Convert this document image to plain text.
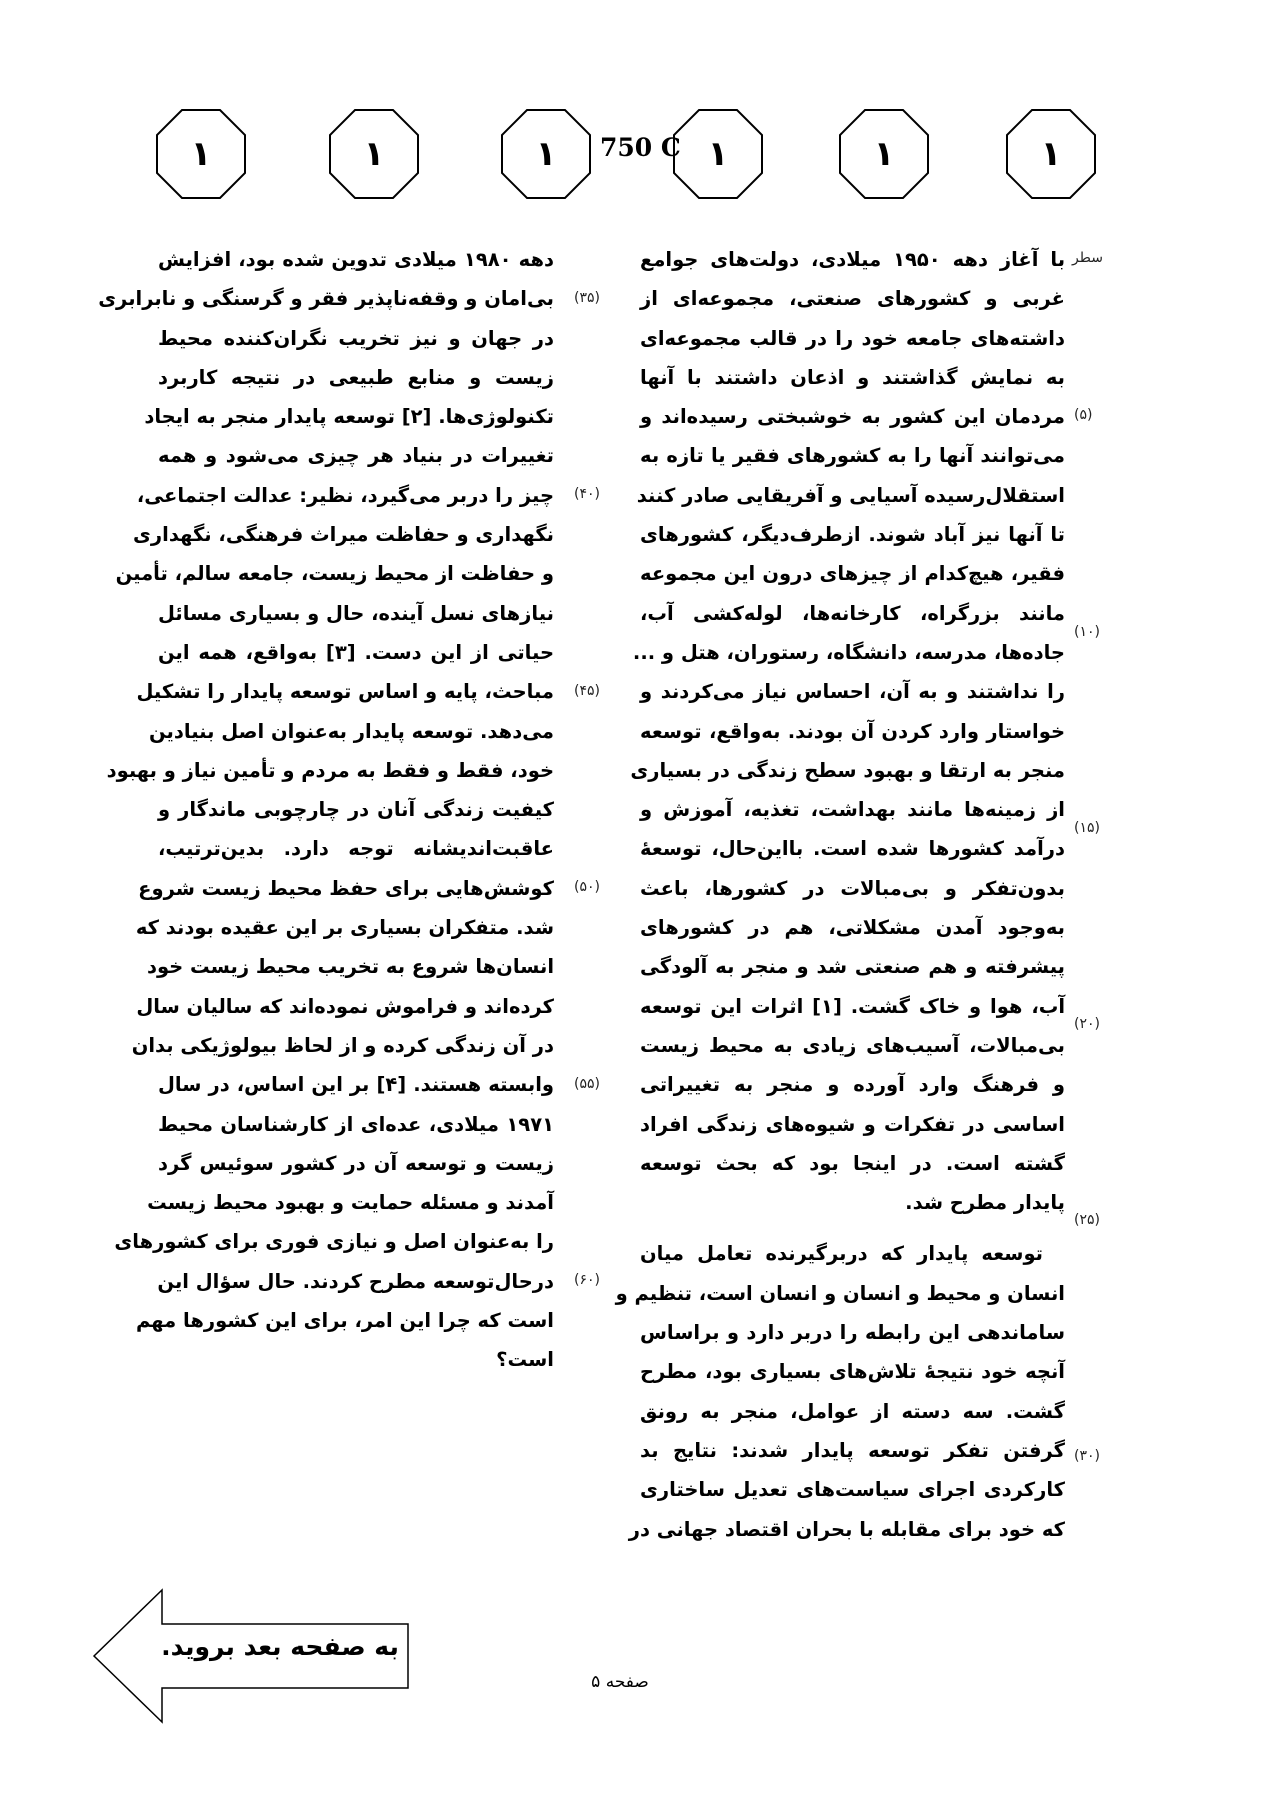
۱	۱	۱	750 C ۱	۱	۱
سطر
(۵)
(۱۰)
(۱۵)
(۲۰)
(۲۵)
(۳۰)
(۳۵)
(۴۰)
(۴۵)
(۵۰)
(۵۵)
(۶۰)
با آغاز دهه ۱۹۵۰ میلادی، دولت‌های جوامع
غربی و کشورهای صنعتی، مجموعه‌ای از
داشته‌های جامعه خود را در قالب مجموعه‌ای
به نمایش گذاشتند و اذعان داشتند با آنها
مردمان این کشور به خوشبختی رسیده‌اند و
می‌توانند آنها را به کشورهای فقیر یا تازه به
استقلال‌رسیده آسیایی و آفریقایی صادر کنند
تا آنها نیز آباد شوند. ازطرف‌دیگر، کشورهای
فقیر، هیچ‌کدام از چیزهای درون این مجموعه
مانند بزرگراه، کارخانه‌ها، لوله‌کشی آب،
جاده‌ها، مدرسه، دانشگاه، رستوران، هتل و ...
را نداشتند و به آن، احساس نیاز می‌کردند و
خواستار وارد کردن آن بودند. به‌واقع، توسعه
منجر به ارتقا و بهبود سطح زندگی در بسیاری
از زمینه‌ها مانند بهداشت، تغذیه، آموزش و
درآمد کشورها شده است. بااین‌حال، توسعهٔ
بدون‌تفکر و بی‌مبالات در کشورها، باعث
به‌وجود آمدن مشکلاتی، هم در کشورهای
پیشرفته و هم صنعتی شد و منجر به آلودگی
آب، هوا و خاک گشت. [۱] اثرات این توسعه
بی‌مبالات، آسیب‌های زیادی به محیط زیست
و فرهنگ وارد آورده و منجر به تغییراتی
اساسی در تفکرات و شیوه‌های زندگی افراد
گشته است. در اینجا بود که بحث توسعه
پایدار مطرح شد.
توسعه پایدار که دربرگیرنده تعامل میان
انسان و محیط و انسان و انسان است، تنظیم و
ساماندهی این رابطه را دربر دارد و براساس
آنچه خود نتیجهٔ تلاش‌های بسیاری بود، مطرح
گشت. سه دسته از عوامل، منجر به رونق
گرفتن تفکر توسعه پایدار شدند: نتایج بد
کارکردی اجرای سیاست‌های تعدیل ساختاری
که خود برای مقابله با بحران اقتصاد جهانی در
دهه ۱۹۸۰ میلادی تدوین شده بود، افزایش
بی‌امان و وقفه‌ناپذیر فقر و گرسنگی و نابرابری
در جهان و نیز تخریب نگران‌کننده محیط
زیست و منابع طبیعی در نتیجه کاربرد
تکنولوژی‌ها. [۲] توسعه پایدار منجر به ایجاد
تغییرات در بنیاد هر چیزی می‌شود و همه
چیز را دربر می‌گیرد، نظیر: عدالت اجتماعی،
نگهداری و حفاظت میراث فرهنگی، نگهداری
و حفاظت از محیط زیست، جامعه سالم، تأمین
نیازهای نسل آینده، حال و بسیاری مسائل
حیاتی از این دست. [۳] به‌واقع، همه این
مباحث، پایه و اساس توسعه پایدار را تشکیل
می‌دهد. توسعه پایدار به‌عنوان اصل بنیادین
خود، فقط و فقط به مردم و تأمین نیاز و بهبود
کیفیت زندگی آنان در چارچوبی ماندگار و
عاقبت‌اندیشانه توجه دارد. بدین‌ترتیب،
کوشش‌هایی برای حفظ محیط زیست شروع
شد. متفکران بسیاری بر این عقیده بودند که
انسان‌ها شروع به تخریب محیط زیست خود
کرده‌اند و فراموش نموده‌اند که سالیان سال
در آن زندگی کرده و از لحاظ بیولوژیکی بدان
وابسته هستند. [۴] بر این اساس، در سال
۱۹۷۱ میلادی، عده‌ای از کارشناسان محیط
زیست و توسعه آن در کشور سوئیس گرد
آمدند و مسئله حمایت و بهبود محیط زیست
را به‌عنوان اصل و نیازی فوری برای کشورهای
درحال‌توسعه مطرح کردند. حال سؤال این
است که چرا این امر، برای این کشورها مهم
است؟
به صفحه بعد بروید.
صفحه ۵
